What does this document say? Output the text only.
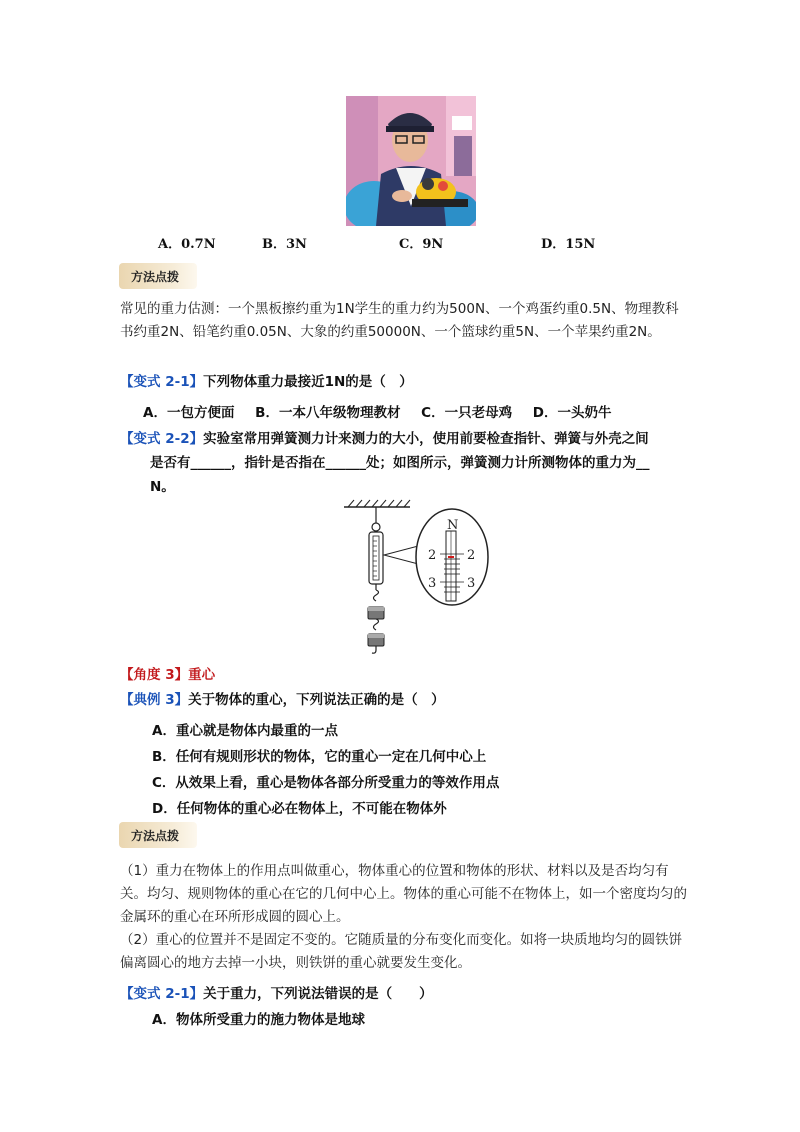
A．0.7N	B．3N	C．9N	D．15N
方法点拨
常见的重力估测：一个黑板擦约重为1N学生的重力约为500N、一个鸡蛋约重0.5N、物理教科书约重2N、铅笔约重0.05N、大象的约重50000N、一个篮球约重5N、一个苹果约重2N。
【变式 2-1】下列物体重力最接近1N的是（　）
A．一包方便面 B．一本八年级物理教材 C．一只老母鸡 D．一头奶牛
【变式 2-2】实验室常用弹簧测力计来测力的大小，使用前要检查指针、弹簧与外壳之间
是否有______，指针是否指在______处；如图所示，弹簧测力计所测物体的重力为__
N。
N
2 2
3 3
【角度 3】重心
【典例 3】关于物体的重心，下列说法正确的是（　）
A．重心就是物体内最重的一点
B．任何有规则形状的物体，它的重心一定在几何中心上
C．从效果上看，重心是物体各部分所受重力的等效作用点
D．任何物体的重心必在物体上，不可能在物体外
方法点拨
（1）重力在物体上的作用点叫做重心，物体重心的位置和物体的形状、材料以及是否均匀有关。均匀、规则物体的重心在它的几何中心上。物体的重心可能不在物体上，如一个密度均匀的金属环的重心在环所形成圆的圆心上。
（2）重心的位置并不是固定不变的。它随质量的分布变化而变化。如将一块质地均匀的圆铁饼偏离圆心的地方去掉一小块，则铁饼的重心就要发生变化。
【变式 2-1】关于重力，下列说法错误的是（　　）
A．物体所受重力的施力物体是地球
